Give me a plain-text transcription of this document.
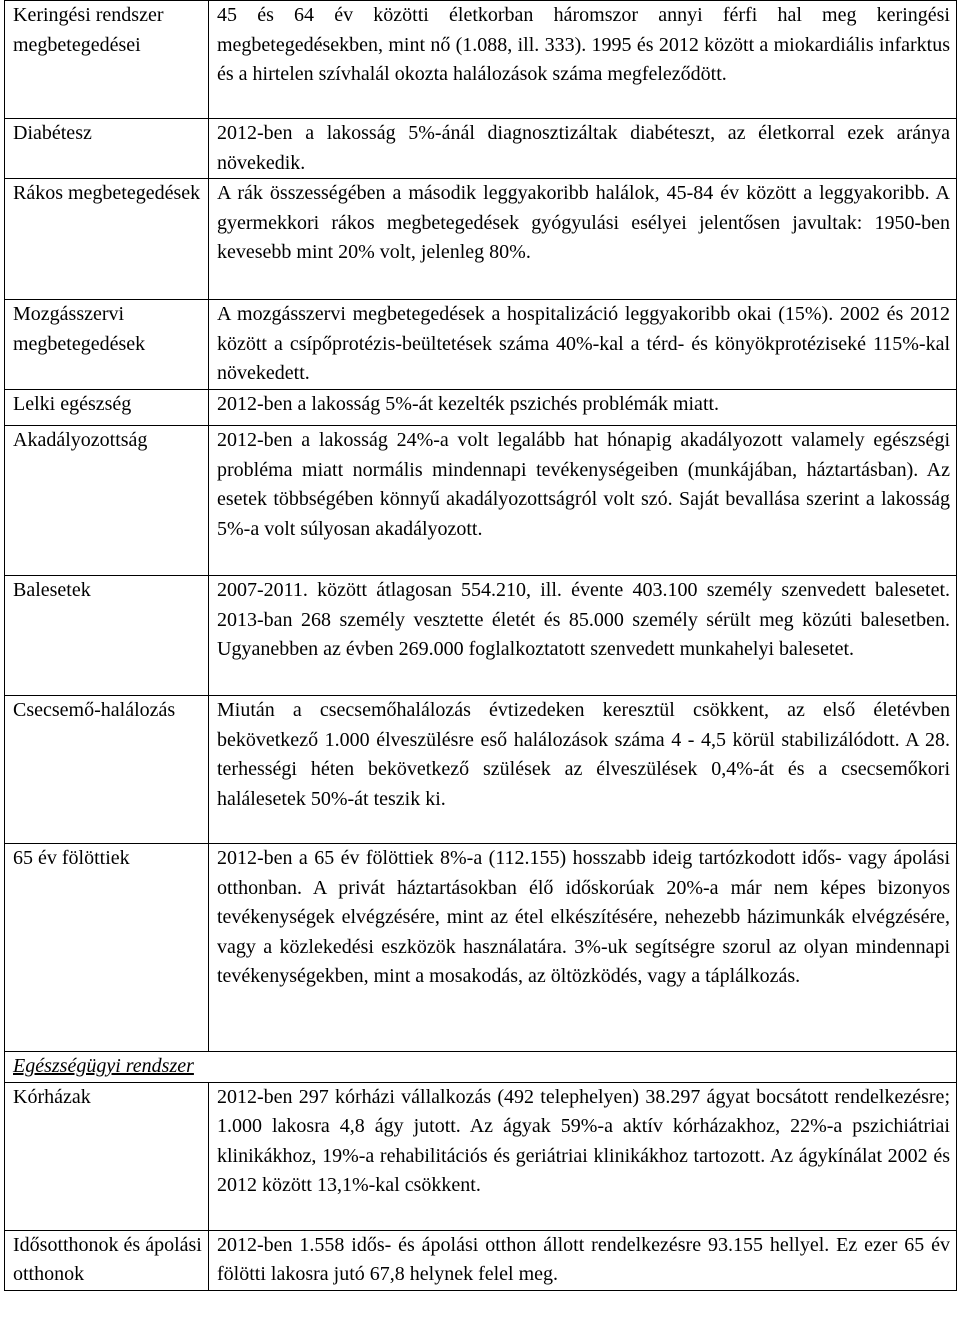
Keringési rendszer megbetegedései	45 és 64 év közötti életkorban háromszor annyi férfi hal meg keringési megbetegedésekben, mint nő (1.088, ill. 333). 1995 és 2012 között a miokardiális infarktus és a hirtelen szívhalál okozta halálozások száma megfeleződött.
Diabétesz	2012-ben a lakosság 5%-ánál diagnosztizáltak diabéteszt, az életkorral ezek aránya növekedik.
Rákos megbetegedések	A rák összességében a második leggyakoribb halálok, 45-84 év között a leggyakoribb. A gyermekkori rákos megbetegedések gyógyulási esélyei jelentősen javultak: 1950-ben kevesebb mint 20% volt, jelenleg 80%.
Mozgásszervi megbetegedések	A mozgásszervi megbetegedések a hospitalizáció leggyakoribb okai (15%). 2002 és 2012 között a csípőprotézis-beültetések száma 40%-kal a térd- és könyökprotéziseké 115%-kal növekedett.
Lelki egészség	2012-ben a lakosság 5%-át kezelték pszichés problémák miatt.
Akadályozottság	2012-ben a lakosság 24%-a volt legalább hat hónapig akadályozott valamely egészségi probléma miatt normális mindennapi tevékenységeiben (munkájában, háztartásban). Az esetek többségében könnyű akadályozottságról volt szó. Saját bevallása szerint a lakosság 5%-a volt súlyosan akadályozott.
Balesetek	2007-2011. között átlagosan 554.210, ill. évente 403.100 személy szenvedett balesetet. 2013-ban 268 személy vesztette életét és 85.000 személy sérült meg közúti balesetben. Ugyanebben az évben 269.000 foglalkoztatott szenvedett munkahelyi balesetet.
Csecsemő-halálozás	Miután a csecsemőhalálozás évtizedeken keresztül csökkent, az első életévben bekövetkező 1.000 élveszülésre eső halálozások száma 4 - 4,5 körül stabilizálódott. A 28. terhességi héten bekövetkező szülések az élveszülések 0,4%-át és a csecsemőkori halálesetek 50%-át teszik ki.
65 év fölöttiek	2012-ben a 65 év fölöttiek 8%-a (112.155) hosszabb ideig tartózkodott idős- vagy ápolási otthonban. A privát háztartásokban élő időskorúak 20%-a már nem képes bizonyos tevékenységek elvégzésére, mint az étel elkészítésére, nehezebb házimunkák elvégzésére, vagy a közlekedési eszközök használatára. 3%-uk segítségre szorul az olyan mindennapi tevékenységekben, mint a mosakodás, az öltözködés, vagy a táplálkozás.
Egészségügyi rendszer	
Kórházak	2012-ben 297 kórházi vállalkozás (492 telephelyen) 38.297 ágyat bocsátott rendelkezésre; 1.000 lakosra 4,8 ágy jutott. Az ágyak 59%-a aktív kórházakhoz, 22%-a pszichiátriai klinikákhoz, 19%-a rehabilitációs és geriátriai klinikákhoz tartozott. Az ágykínálat 2002 és 2012 között 13,1%-kal csökkent.
Idősotthonok és ápolási otthonok	2012-ben 1.558 idős- és ápolási otthon állott rendelkezésre 93.155 hellyel. Ez ezer 65 év fölötti lakosra jutó 67,8 helynek felel meg.
